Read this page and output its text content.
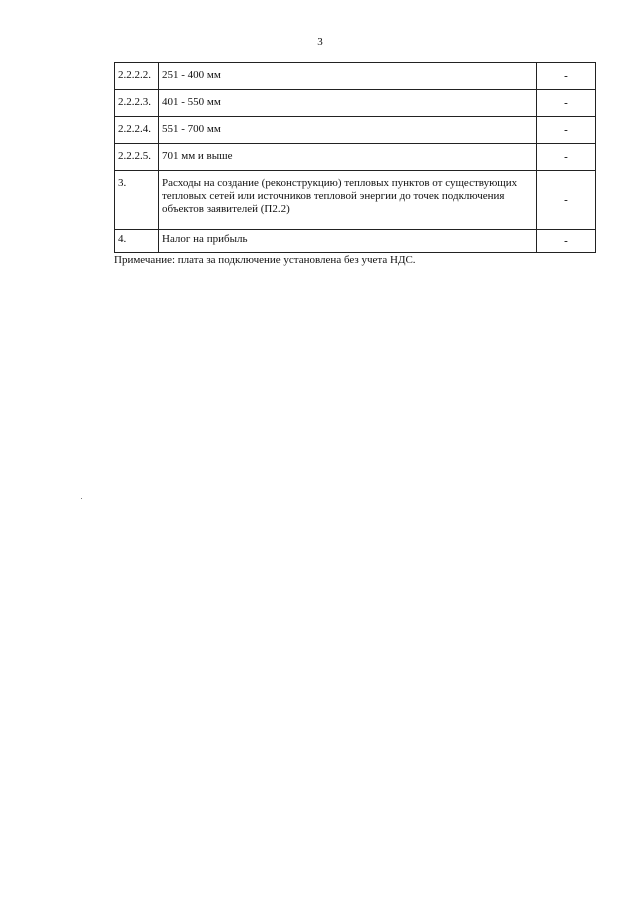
3
2.2.2.2.	251 - 400 мм	-
2.2.2.3.	401 - 550 мм	-
2.2.2.4.	551 - 700 мм	-
2.2.2.5.	701 мм и выше	-
3.	Расходы на создание (реконструкцию) тепловых пунктов от существующих тепловых сетей или источников тепловой энергии до точек подключения объектов заявителей (П2.2)	-
4.	Налог на прибыль	-
Примечание: плата за подключение установлена без учета НДС.
